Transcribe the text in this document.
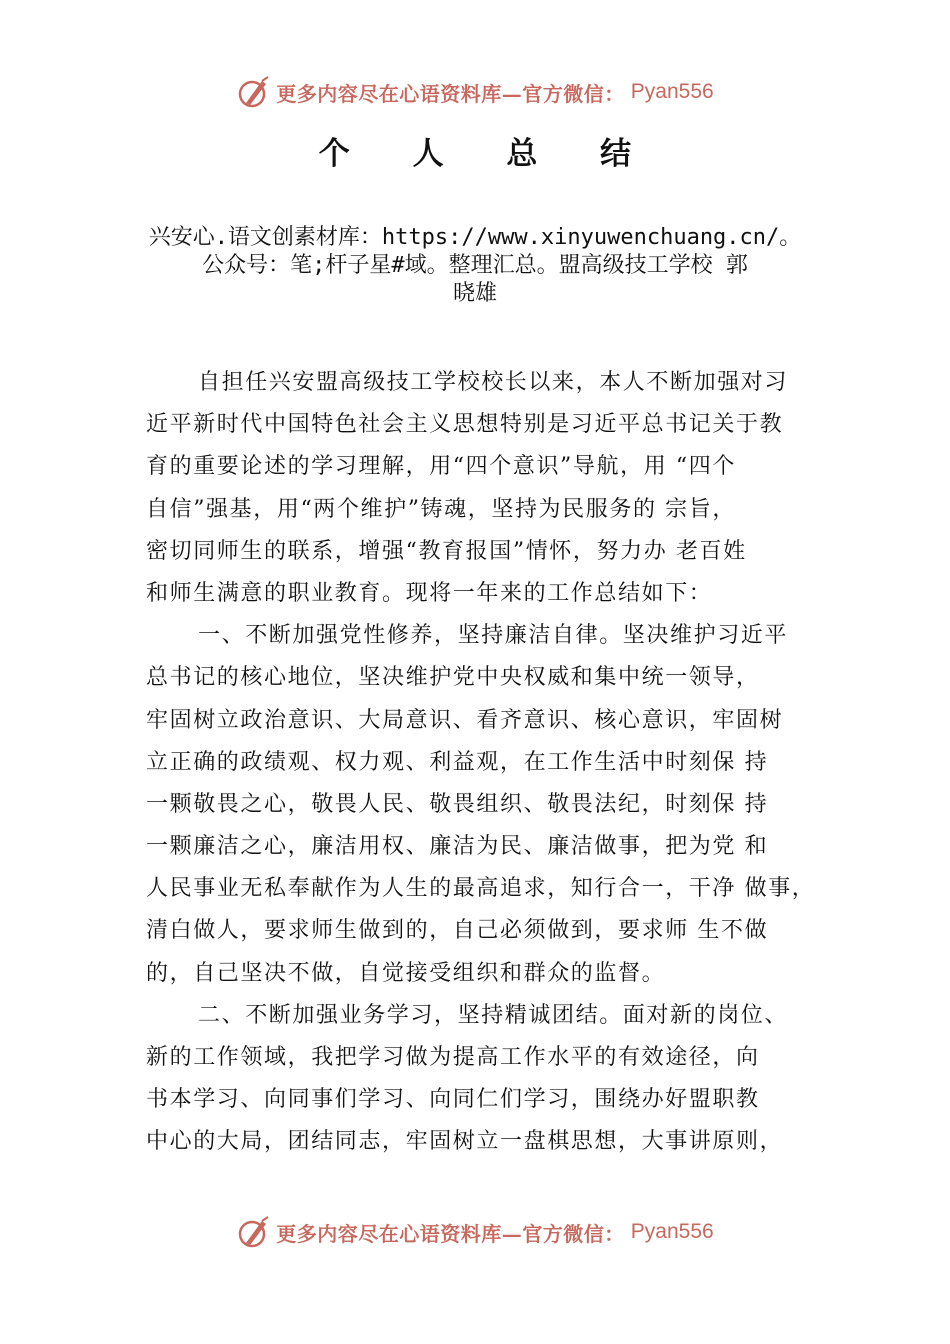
更多内容尽在心语资料库—官方微信： Pyan556
个 人 总 结
兴安心.语文创素材库：https://www.xinyuwenchuang.cn/。
公众号：笔;杆子星#域。整理汇总。盟高级技工学校 郭
晓雄
自担任兴安盟高级技工学校校长以来，本人不断加强对习
近平新时代中国特色社会主义思想特别是习近平总书记关于教
育的重要论述的学习理解，用“四个意识”导航，用 “四个
自信”强基，用“两个维护”铸魂，坚持为民服务的 宗旨，
密切同师生的联系，增强“教育报国”情怀，努力办 老百姓
和师生满意的职业教育。现将一年来的工作总结如下：
一、不断加强党性修养，坚持廉洁自律。坚决维护习近平
总书记的核心地位，坚决维护党中央权威和集中统一领导，
牢固树立政治意识、大局意识、看齐意识、核心意识，牢固树
立正确的政绩观、权力观、利益观，在工作生活中时刻保 持
一颗敬畏之心，敬畏人民、敬畏组织、敬畏法纪，时刻保 持
一颗廉洁之心，廉洁用权、廉洁为民、廉洁做事，把为党 和
人民事业无私奉献作为人生的最高追求，知行合一，干净 做事，
清白做人，要求师生做到的，自己必须做到，要求师 生不做
的，自己坚决不做，自觉接受组织和群众的监督。
二、不断加强业务学习，坚持精诚团结。面对新的岗位、
新的工作领域，我把学习做为提高工作水平的有效途径，向
书本学习、向同事们学习、向同仁们学习，围绕办好盟职教
中心的大局，团结同志，牢固树立一盘棋思想，大事讲原则，
更多内容尽在心语资料库—官方微信： Pyan556
